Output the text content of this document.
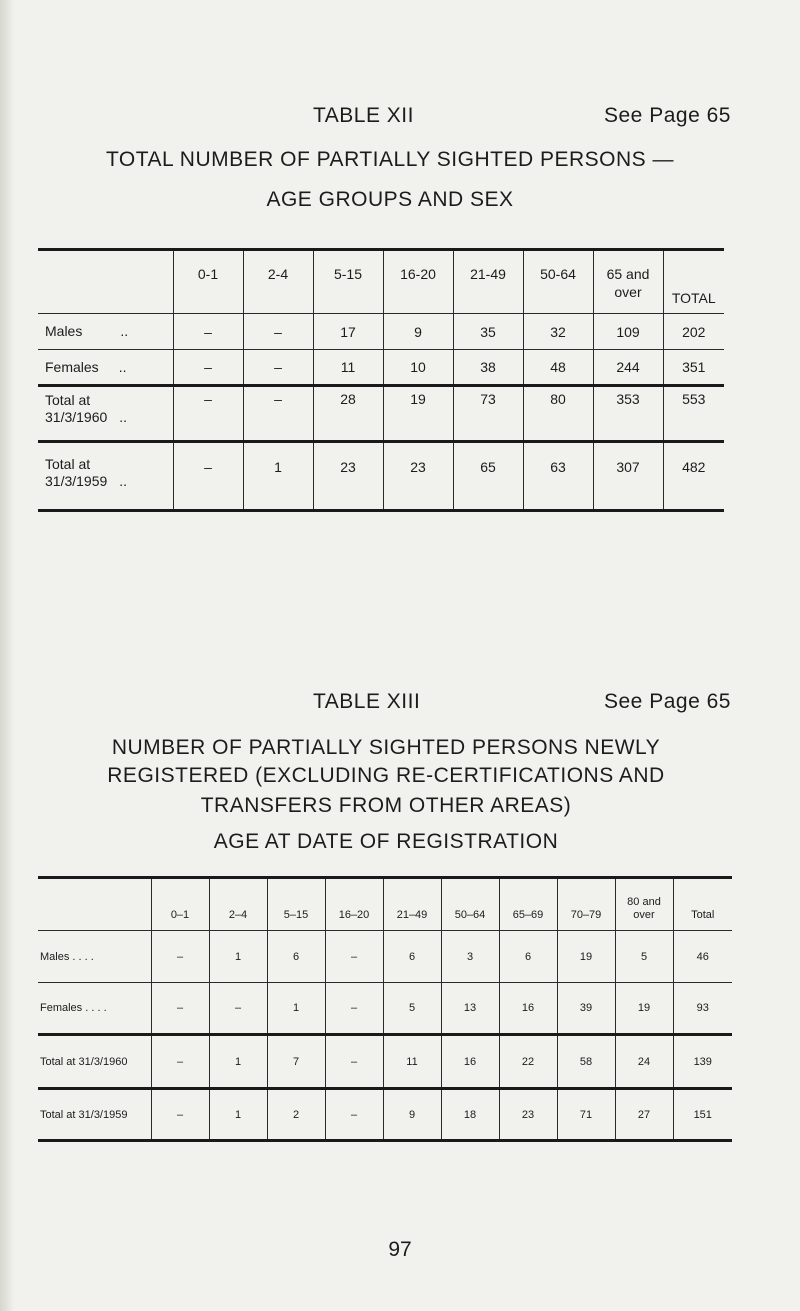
TABLE XII	See Page 65
TOTAL NUMBER OF PARTIALLY SIGHTED PERSONS —
AGE GROUPS AND SEX
	0-1	2-4	5-15	16-20	21-49	50-64	65 and over	TOTAL
Males ..	–	–	17	9	35	32	109	202
Females ..	–	–	11	10	38	48	244	351
Total at
31/3/1960 ..	–	–	28	19	73	80	353	553
Total at
31/3/1959 ..	–	1	23	23	65	63	307	482
TABLE XIII	See Page 65
NUMBER OF PARTIALLY SIGHTED PERSONS NEWLY
REGISTERED (EXCLUDING RE-CERTIFICATIONS AND
TRANSFERS FROM OTHER AREAS)
AGE AT DATE OF REGISTRATION
	0–1	2–4	5–15	16–20	21–49	50–64	65–69	70–79	80 and over	Total
Males . . . .	–	1	6	–	6	3	6	19	5	46
Females . . . .	–	–	1	–	5	13	16	39	19	93
Total at 31/3/1960	–	1	7	–	11	16	22	58	24	139
Total at 31/3/1959	–	1	2	–	9	18	23	71	27	151
97
